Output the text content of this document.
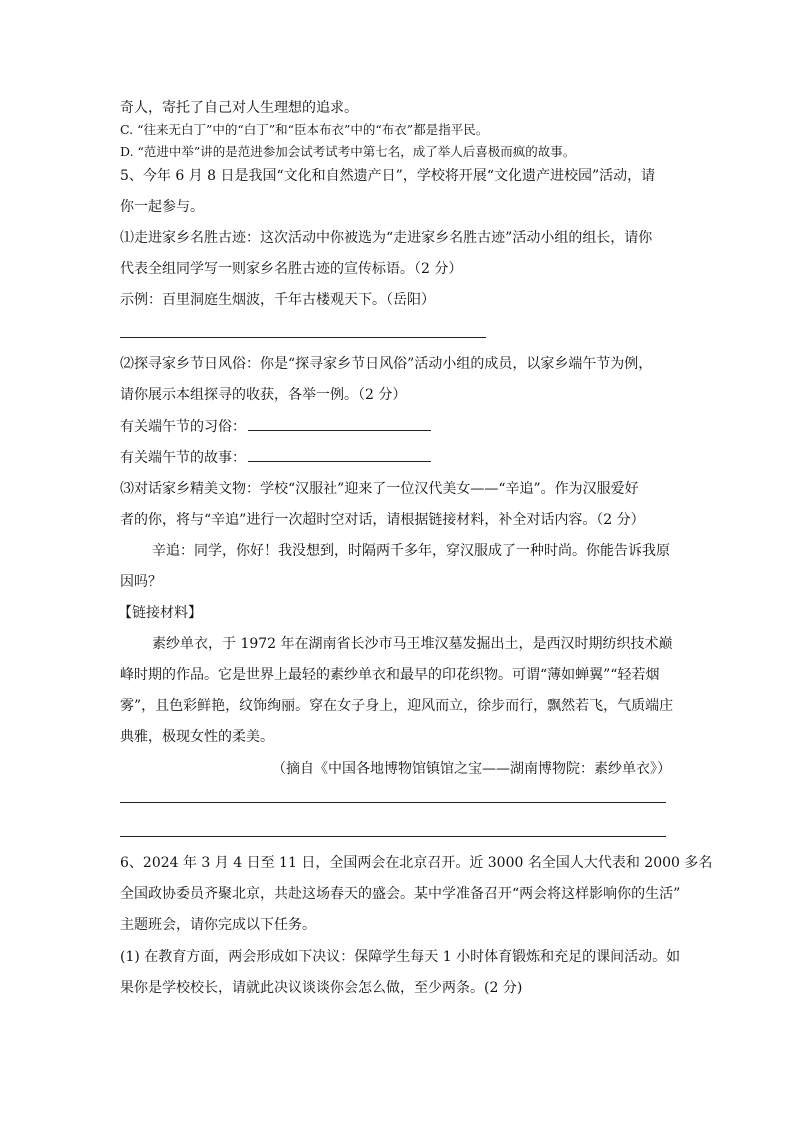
奇人，寄托了自己对人生理想的追求。
C. “往来无白丁”中的“白丁”和“臣本布衣”中的“布衣”都是指平民。
D. “范进中举”讲的是范进参加会试考试考中第七名，成了举人后喜极而疯的故事。
5、今年 6 月 8 日是我国“文化和自然遗产日”，学校将开展“文化遗产进校园”活动，请
你一起参与。
⑴走进家乡名胜古迹：这次活动中你被选为“走进家乡名胜古迹”活动小组的组长，请你
代表全组同学写一则家乡名胜古迹的宣传标语。（2 分）
示例：百里洞庭生烟波，千年古楼观天下。（岳阳）
⑵探寻家乡节日风俗：你是“探寻家乡节日风俗”活动小组的成员，以家乡端午节为例，
请你展示本组探寻的收获，各举一例。（2 分）
有关端午节的习俗：
有关端午节的故事：
⑶对话家乡精美文物：学校“汉服社”迎来了一位汉代美女——“辛追”。作为汉服爱好
者的你，将与“辛追”进行一次超时空对话，请根据链接材料，补全对话内容。（2 分）
辛追：同学，你好！我没想到，时隔两千多年，穿汉服成了一种时尚。你能告诉我原
因吗？
【链接材料】
素纱单衣，于 1972 年在湖南省长沙市马王堆汉墓发掘出土，是西汉时期纺织技术巅
峰时期的作品。它是世界上最轻的素纱单衣和最早的印花织物。可谓“薄如蝉翼”“轻若烟
雾”，且色彩鲜艳，纹饰绚丽。穿在女子身上，迎风而立，徐步而行，飘然若飞，气质端庄
典雅，极现女性的柔美。
（摘自《中国各地博物馆镇馆之宝——湖南博物院：素纱单衣》）
6、2024 年 3 月 4 日至 11 日，全国两会在北京召开。近 3000 名全国人大代表和 2000 多名
全国政协委员齐聚北京，共赴这场春天的盛会。某中学准备召开“两会将这样影响你的生活”
主题班会，请你完成以下任务。
(1) 在教育方面，两会形成如下决议：保障学生每天 1 小时体育锻炼和充足的课间活动。如
果你是学校校长，请就此决议谈谈你会怎么做，至少两条。(2 分)
